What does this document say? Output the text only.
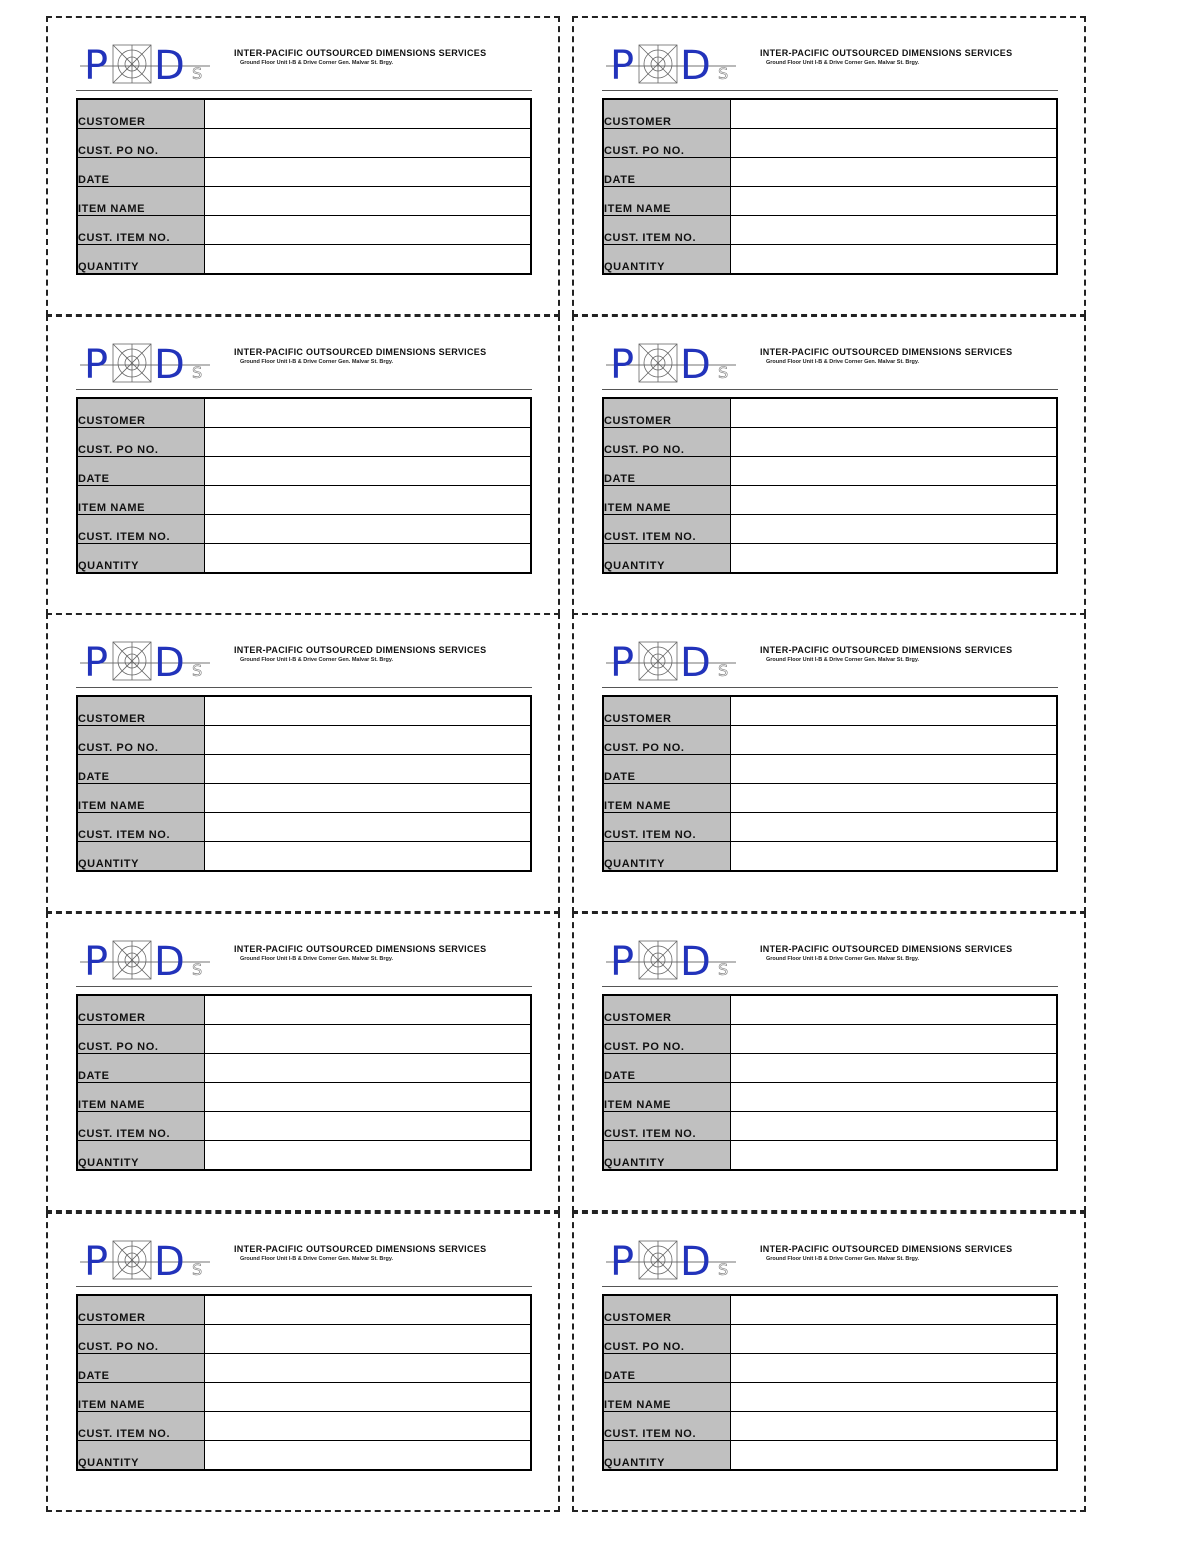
P D S
INTER-PACIFIC OUTSOURCED DIMENSIONS SERVICES
Ground Floor Unit I-B & Drive Corner Gen. Malvar St. Brgy.
CUSTOMER	
CUST. PO NO.	
DATE	
ITEM NAME	
CUST. ITEM NO.	
QUANTITY	
P D S
INTER-PACIFIC OUTSOURCED DIMENSIONS SERVICES
Ground Floor Unit I-B & Drive Corner Gen. Malvar St. Brgy.
CUSTOMER	
CUST. PO NO.	
DATE	
ITEM NAME	
CUST. ITEM NO.	
QUANTITY	
P D S
INTER-PACIFIC OUTSOURCED DIMENSIONS SERVICES
Ground Floor Unit I-B & Drive Corner Gen. Malvar St. Brgy.
CUSTOMER	
CUST. PO NO.	
DATE	
ITEM NAME	
CUST. ITEM NO.	
QUANTITY	
P D S
INTER-PACIFIC OUTSOURCED DIMENSIONS SERVICES
Ground Floor Unit I-B & Drive Corner Gen. Malvar St. Brgy.
CUSTOMER	
CUST. PO NO.	
DATE	
ITEM NAME	
CUST. ITEM NO.	
QUANTITY	
P D S
INTER-PACIFIC OUTSOURCED DIMENSIONS SERVICES
Ground Floor Unit I-B & Drive Corner Gen. Malvar St. Brgy.
CUSTOMER	
CUST. PO NO.	
DATE	
ITEM NAME	
CUST. ITEM NO.	
QUANTITY	
P D S
INTER-PACIFIC OUTSOURCED DIMENSIONS SERVICES
Ground Floor Unit I-B & Drive Corner Gen. Malvar St. Brgy.
CUSTOMER	
CUST. PO NO.	
DATE	
ITEM NAME	
CUST. ITEM NO.	
QUANTITY	
P D S
INTER-PACIFIC OUTSOURCED DIMENSIONS SERVICES
Ground Floor Unit I-B & Drive Corner Gen. Malvar St. Brgy.
CUSTOMER	
CUST. PO NO.	
DATE	
ITEM NAME	
CUST. ITEM NO.	
QUANTITY	
P D S
INTER-PACIFIC OUTSOURCED DIMENSIONS SERVICES
Ground Floor Unit I-B & Drive Corner Gen. Malvar St. Brgy.
CUSTOMER	
CUST. PO NO.	
DATE	
ITEM NAME	
CUST. ITEM NO.	
QUANTITY	
P D S
INTER-PACIFIC OUTSOURCED DIMENSIONS SERVICES
Ground Floor Unit I-B & Drive Corner Gen. Malvar St. Brgy.
CUSTOMER	
CUST. PO NO.	
DATE	
ITEM NAME	
CUST. ITEM NO.	
QUANTITY	
P D S
INTER-PACIFIC OUTSOURCED DIMENSIONS SERVICES
Ground Floor Unit I-B & Drive Corner Gen. Malvar St. Brgy.
CUSTOMER	
CUST. PO NO.	
DATE	
ITEM NAME	
CUST. ITEM NO.	
QUANTITY	
